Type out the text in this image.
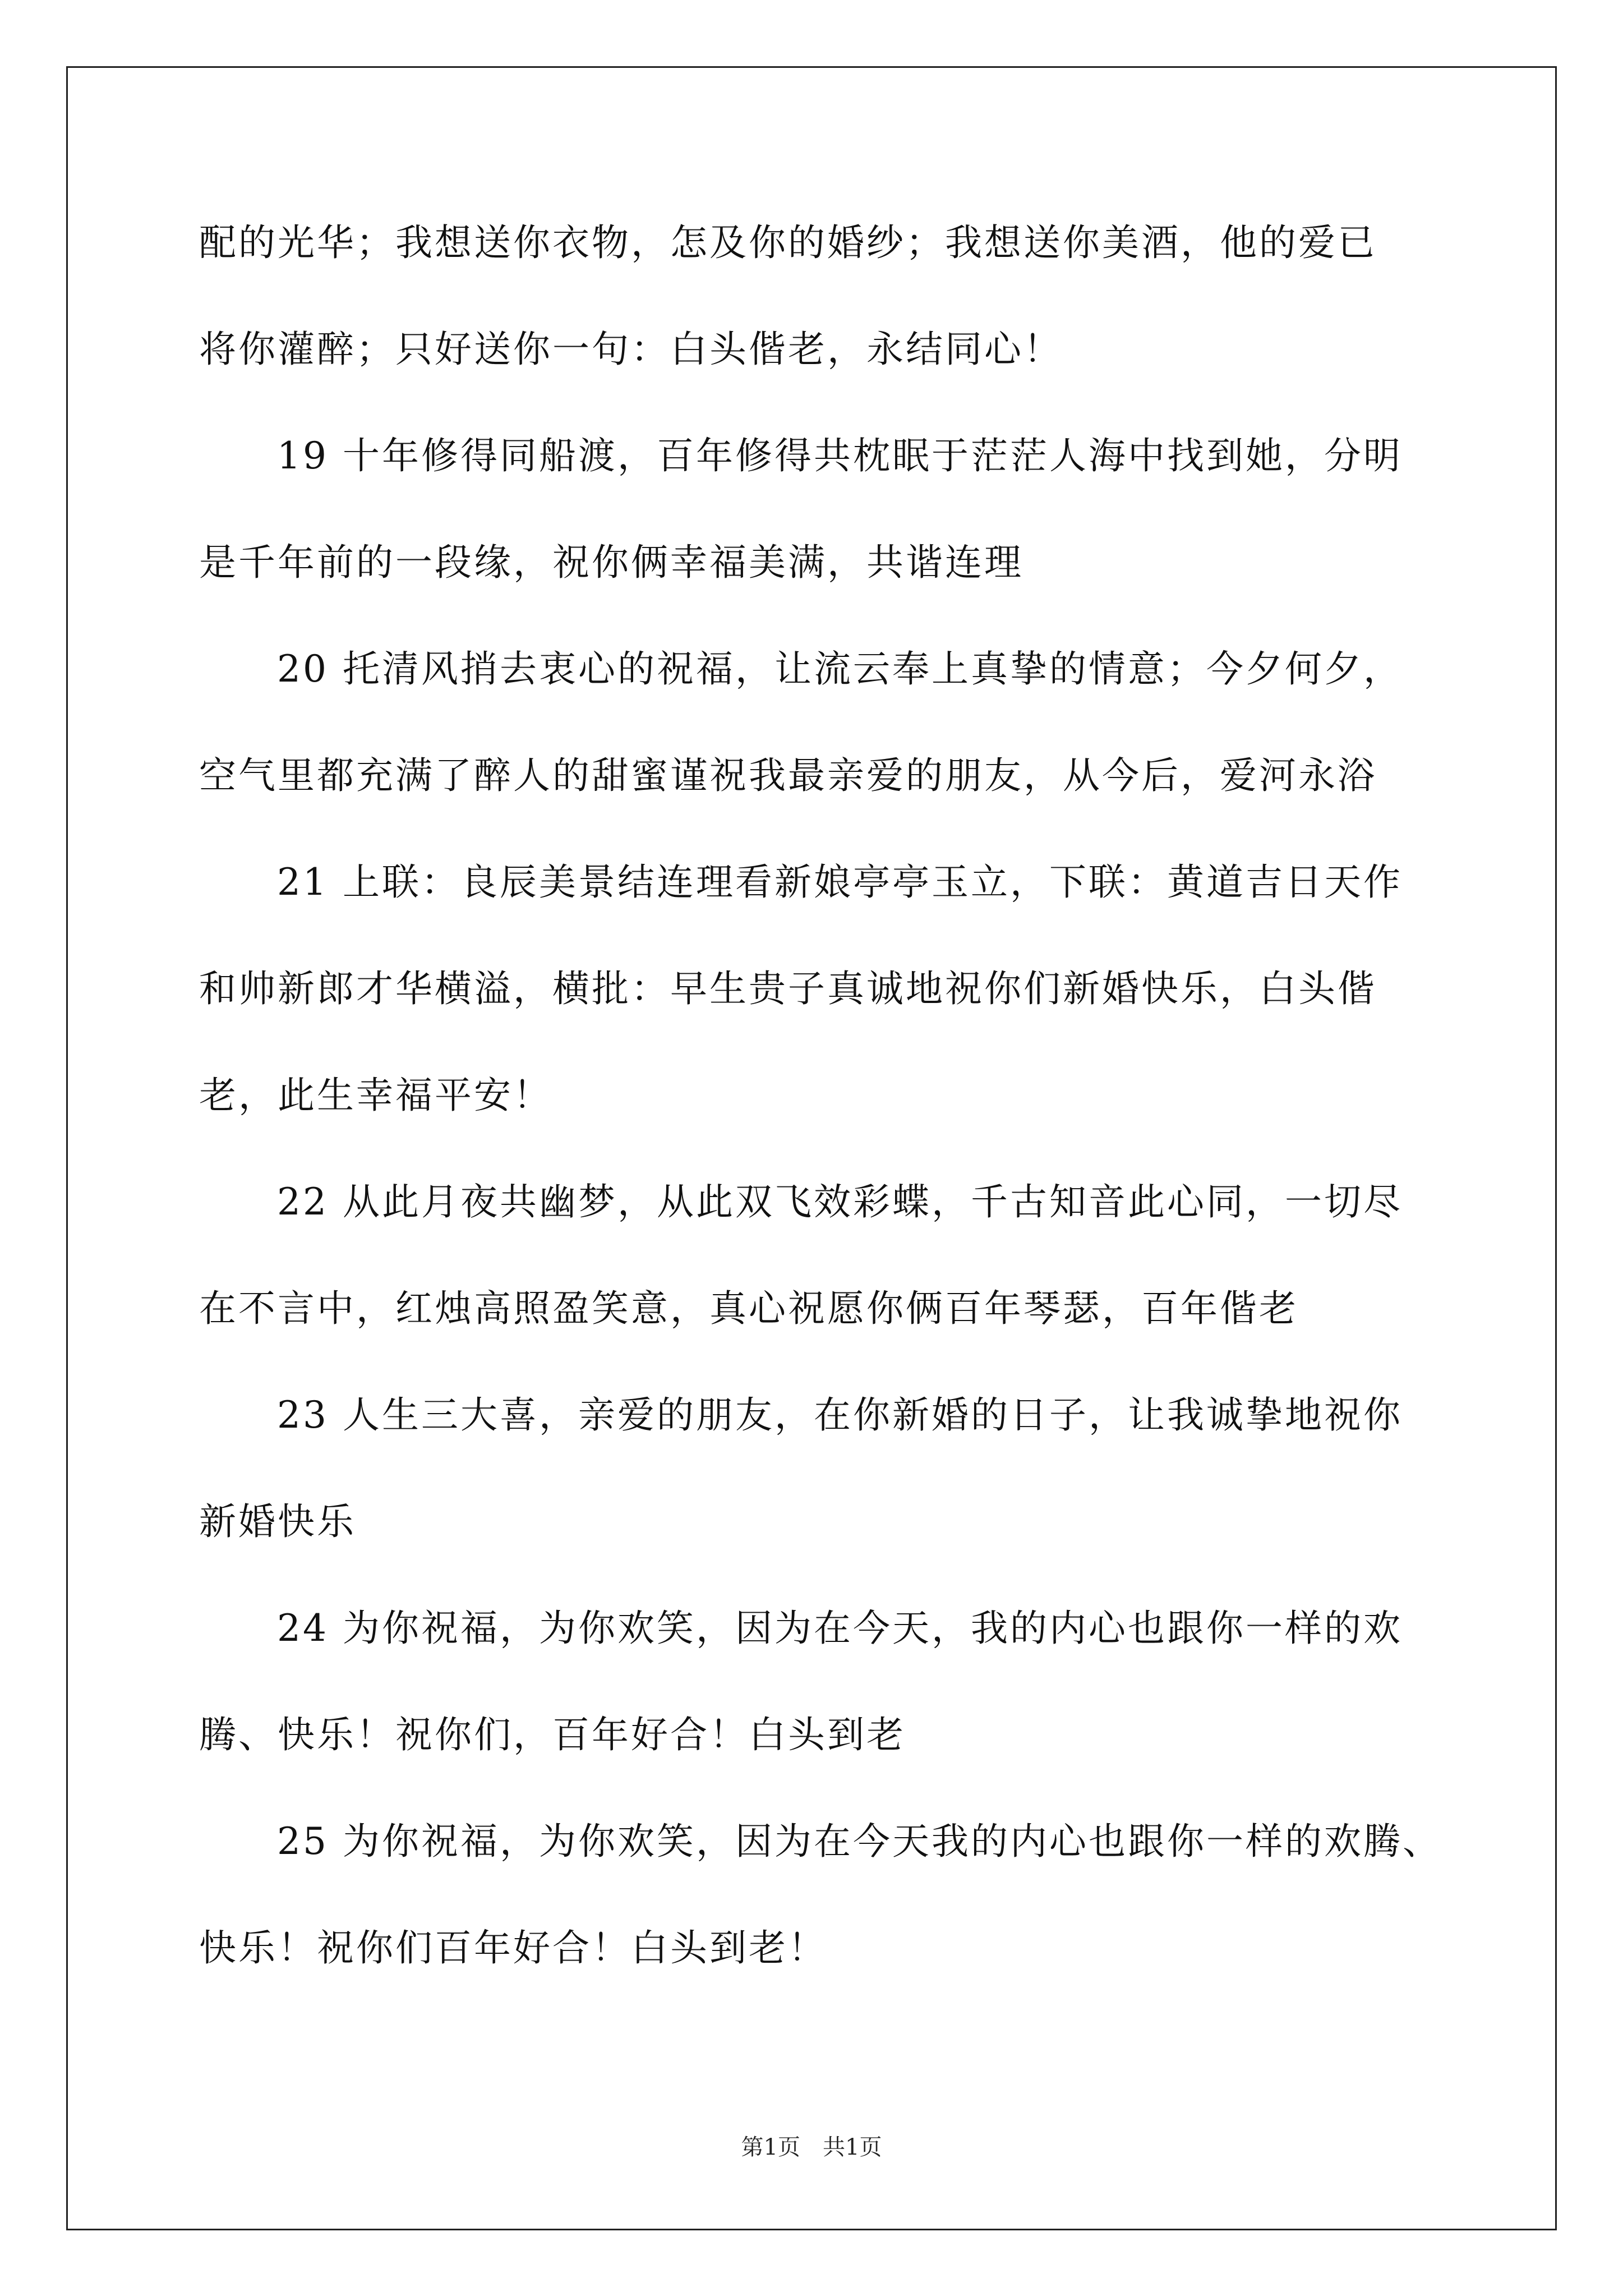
配的光华；我想送你衣物，怎及你的婚纱；我想送你美酒，他的爱已
将你灌醉；只好送你一句：白头偕老，永结同心！
19 十年修得同船渡，百年修得共枕眠于茫茫人海中找到她，分明
是千年前的一段缘，祝你俩幸福美满，共谐连理
20 托清风捎去衷心的祝福，让流云奉上真挚的情意；今夕何夕，
空气里都充满了醉人的甜蜜谨祝我最亲爱的朋友，从今后，爱河永浴
21 上联：良辰美景结连理看新娘亭亭玉立，下联：黄道吉日天作
和帅新郎才华横溢，横批：早生贵子真诚地祝你们新婚快乐，白头偕
老，此生幸福平安！
22 从此月夜共幽梦，从此双飞效彩蝶，千古知音此心同，一切尽
在不言中，红烛高照盈笑意，真心祝愿你俩百年琴瑟，百年偕老
23 人生三大喜，亲爱的朋友，在你新婚的日子，让我诚挚地祝你
新婚快乐
24 为你祝福，为你欢笑，因为在今天，我的内心也跟你一样的欢
腾、快乐！祝你们，百年好合！白头到老
25 为你祝福，为你欢笑，因为在今天我的内心也跟你一样的欢腾、
快乐！祝你们百年好合！白头到老！
第1页　共1页
